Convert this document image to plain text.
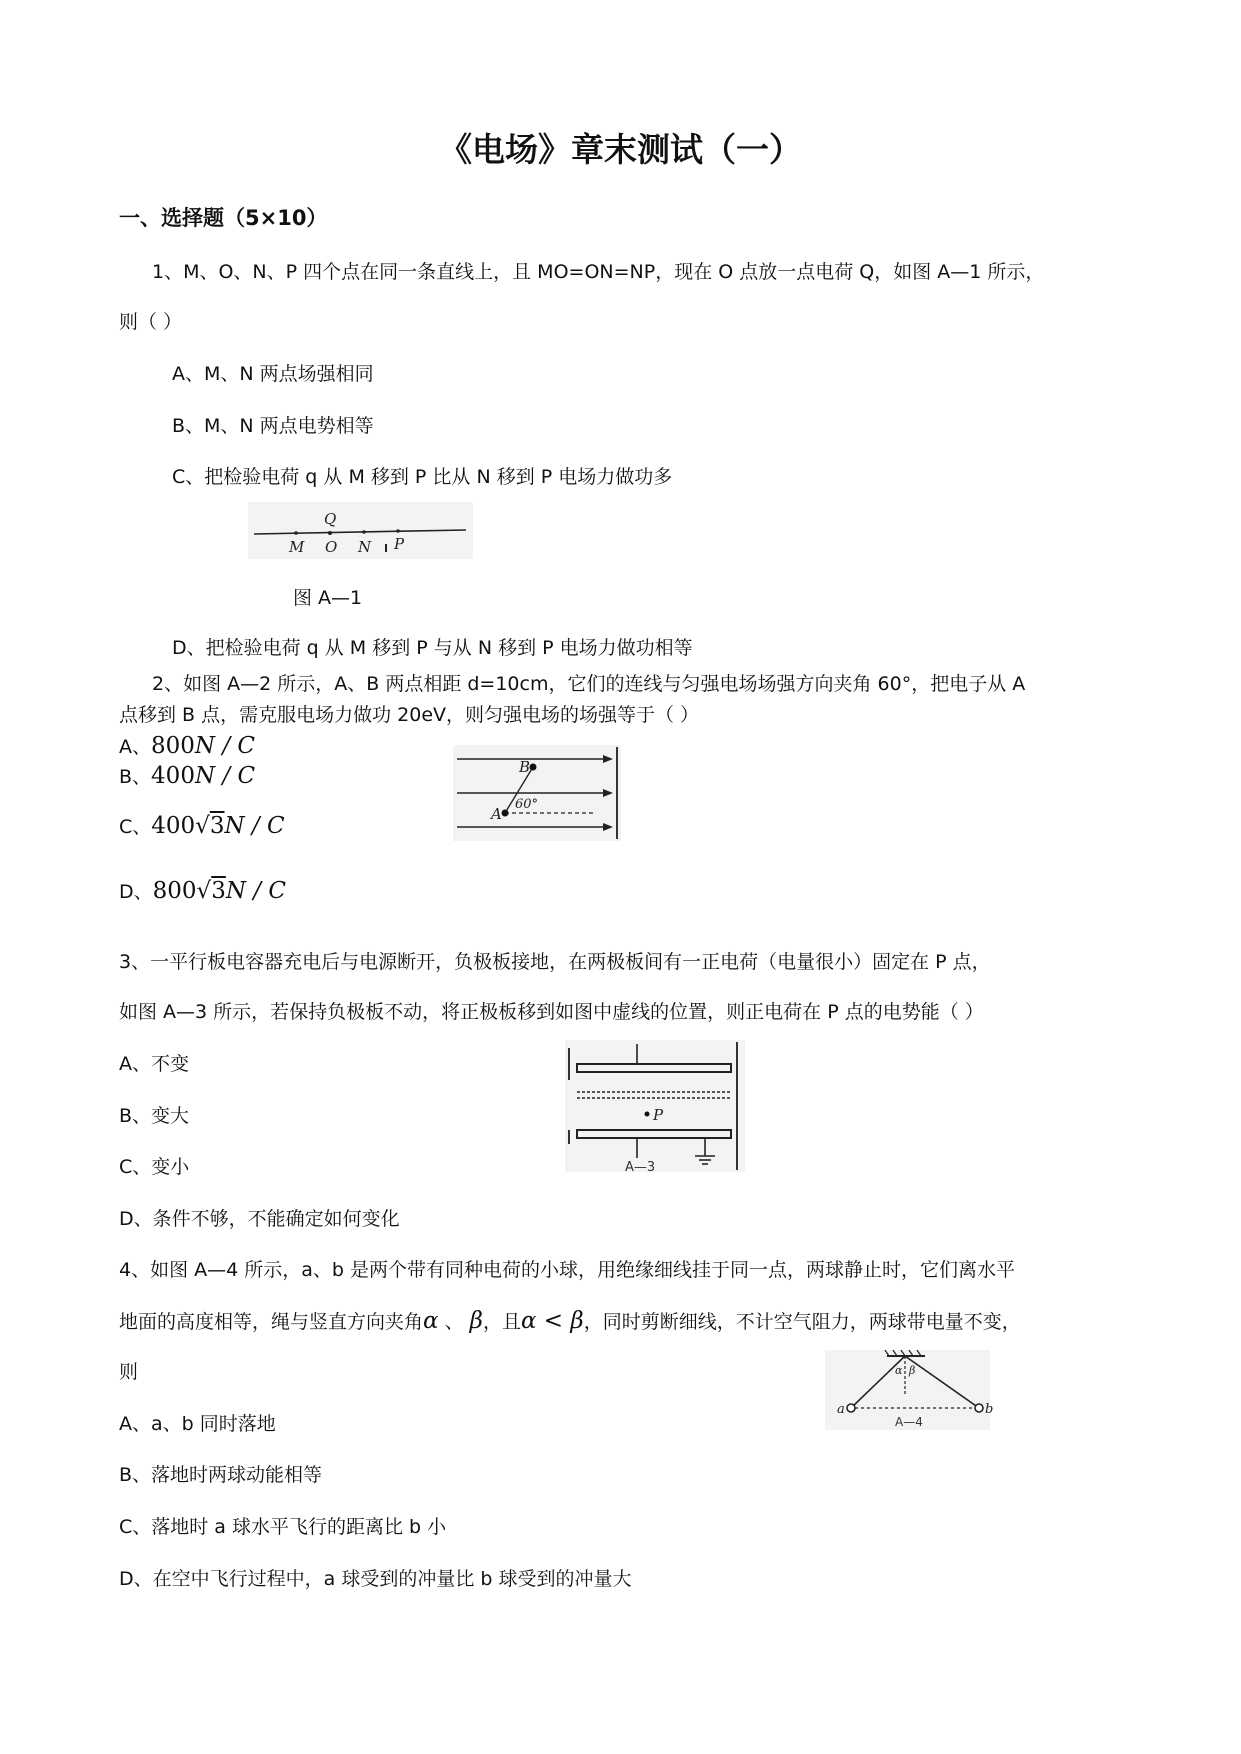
《电场》章末测试（一）
一、选择题（5×10）
1、M、O、N、P 四个点在同一条直线上，且 MO=ON=NP，现在 O 点放一点电荷 Q，如图 A—1 所示，
则（ ）
A、M、N 两点场强相同
B、M、N 两点电势相等
C、把检验电荷 q 从 M 移到 P 比从 N 移到 P 电场力做功多
Q
M O N P
图 A—1
D、把检验电荷 q 从 M 移到 P 与从 N 移到 P 电场力做功相等
2、如图 A—2 所示，A、B 两点相距 d=10cm，它们的连线与匀强电场场强方向夹角 60°，把电子从 A
点移到 B 点，需克服电场力做功 20eV，则匀强电场的场强等于（ ）
A、800N / C
B、400N / C
C、400√3N / C
D、800√3N / C
B
A
60°
3、一平行板电容器充电后与电源断开，负极板接地，在两极板间有一正电荷（电量很小）固定在 P 点，
如图 A—3 所示，若保持负极板不动，将正极板移到如图中虚线的位置，则正电荷在 P 点的电势能（ ）
A、不变
B、变大
C、变小
D、条件不够，不能确定如何变化
P
A—3
4、如图 A—4 所示，a、b 是两个带有同种电荷的小球，用绝缘细线挂于同一点，两球静止时，它们离水平
地面的高度相等，绳与竖直方向夹角α 、 β，且α < β，同时剪断细线，不计空气阻力，两球带电量不变，
则
A、a、b 同时落地
B、落地时两球动能相等
C、落地时 a 球水平飞行的距离比 b 小
D、在空中飞行过程中，a 球受到的冲量比 b 球受到的冲量大
α β
a	b
A—4
